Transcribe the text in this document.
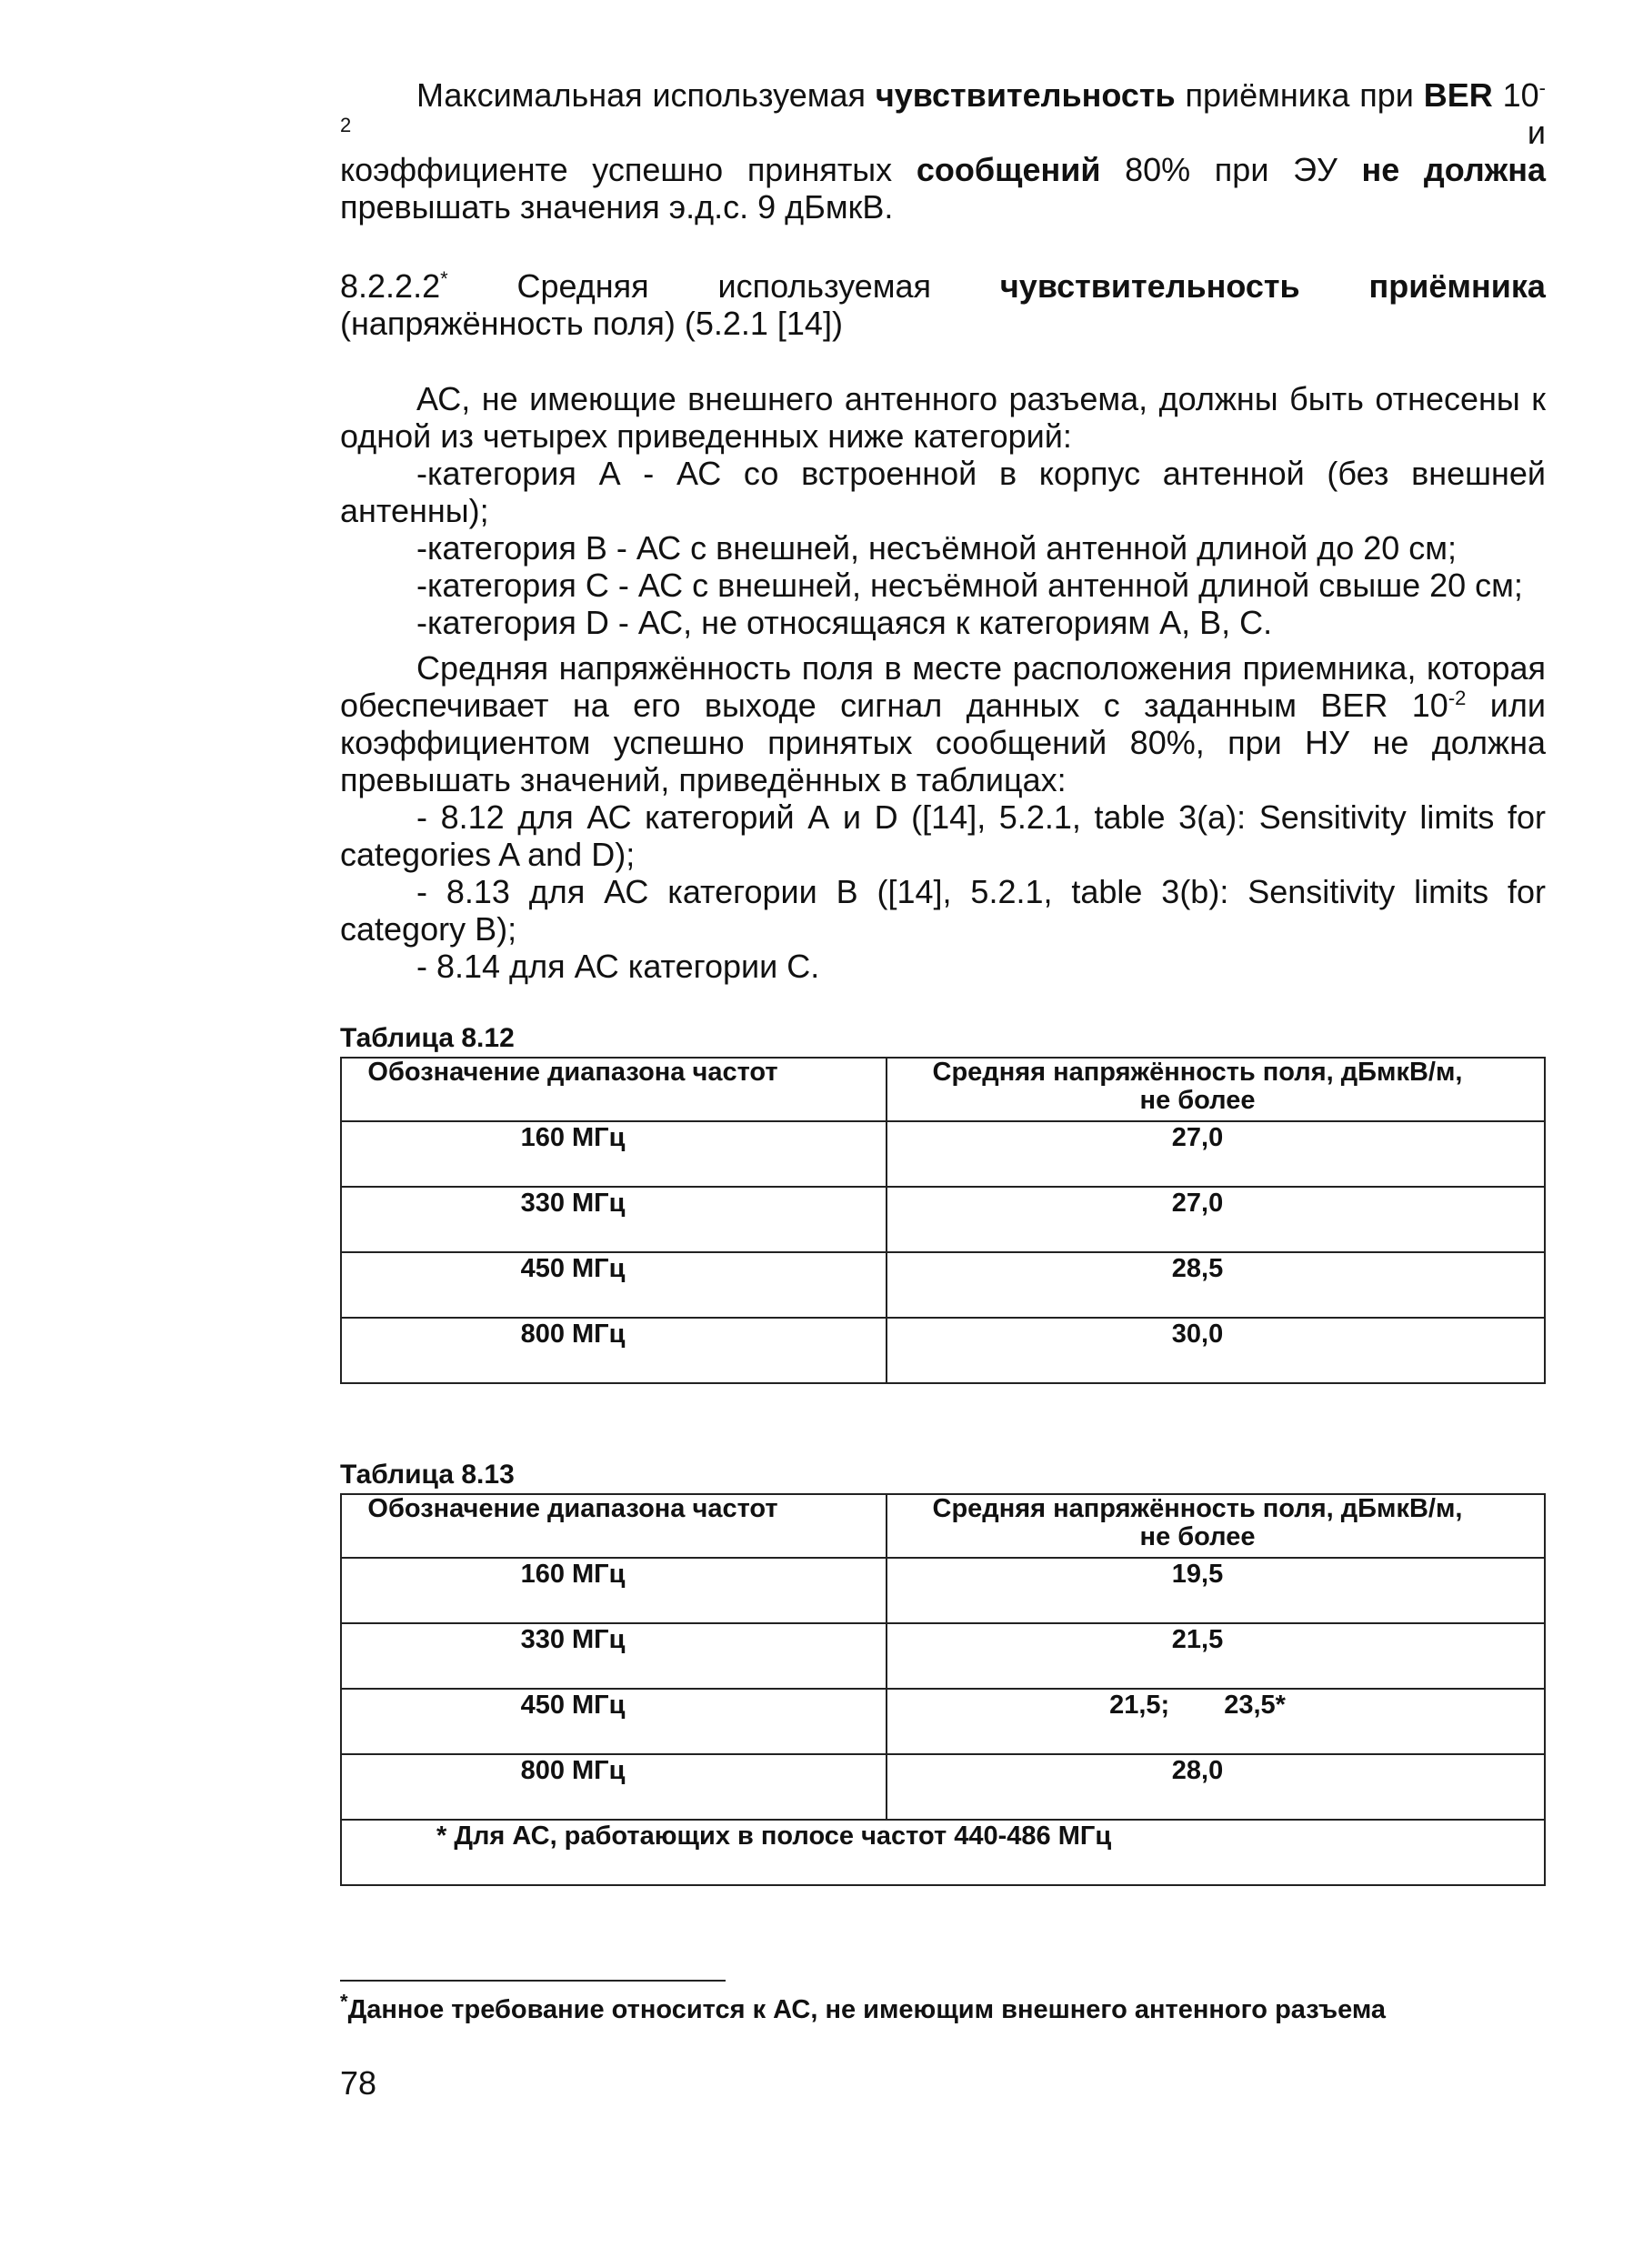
Максимальная используемая чувствительность приёмника при BER $10^{-2}$ и

коэффициенте успешно принятых сообщений 80% при ЭУ не должна

превышать значения э.д.с. 9 дБмкВ.

8.2.2.2* Средняя используемая чувствительность приёмника

(напряжённость поля) (5.2.1 [14])

АС, не имеющие внешнего антенного разъема, должны быть отнесены к одной из четырех приведенных ниже категорий:

-категория А - АС со встроенной в корпус антенной (без внешней антенны);

-категория В - АС с внешней, несъёмной антенной длиной до 20 см;

-категория С - АС с внешней, несъёмной антенной длиной свыше 20 см;

-категория D - АС, не относящаяся к категориям А, В, С.

Средняя напряжённость поля в месте расположения приемника, которая обеспечивает на его выходе сигнал данных с заданным BER $10^{-2}$ или коэффициентом успешно принятых сообщений 80%, при НУ не должна превышать значений, приведённых в таблицах:

- 8.12 для АС категорий А и D ([14], 5.2.1, table 3(a): Sensitivity limits for categories A and D);

- 8.13 для АС категории B ([14], 5.2.1, table 3(b): Sensitivity limits for category B);

- 8.14 для АС категории С.

Таблица 8.12
Обозначение диапазона частот	Средняя напряжённость поля, дБмкВ/м,
не более

160 МГц	27,0

330 МГц	27,0

450 МГц	28,5

800 МГц	30,0
Таблица 8.13
Обозначение диапазона частот	Средняя напряжённость поля, дБмкВ/м,
не более

160 МГц	19,5

330 МГц	21,5

450 МГц	21,5; 23,5*

800 МГц	28,0

* Для АС, работающих в полосе частот 440-486 МГц	
*Данное требование относится к АС, не имеющим внешнего антенного разъема
78
